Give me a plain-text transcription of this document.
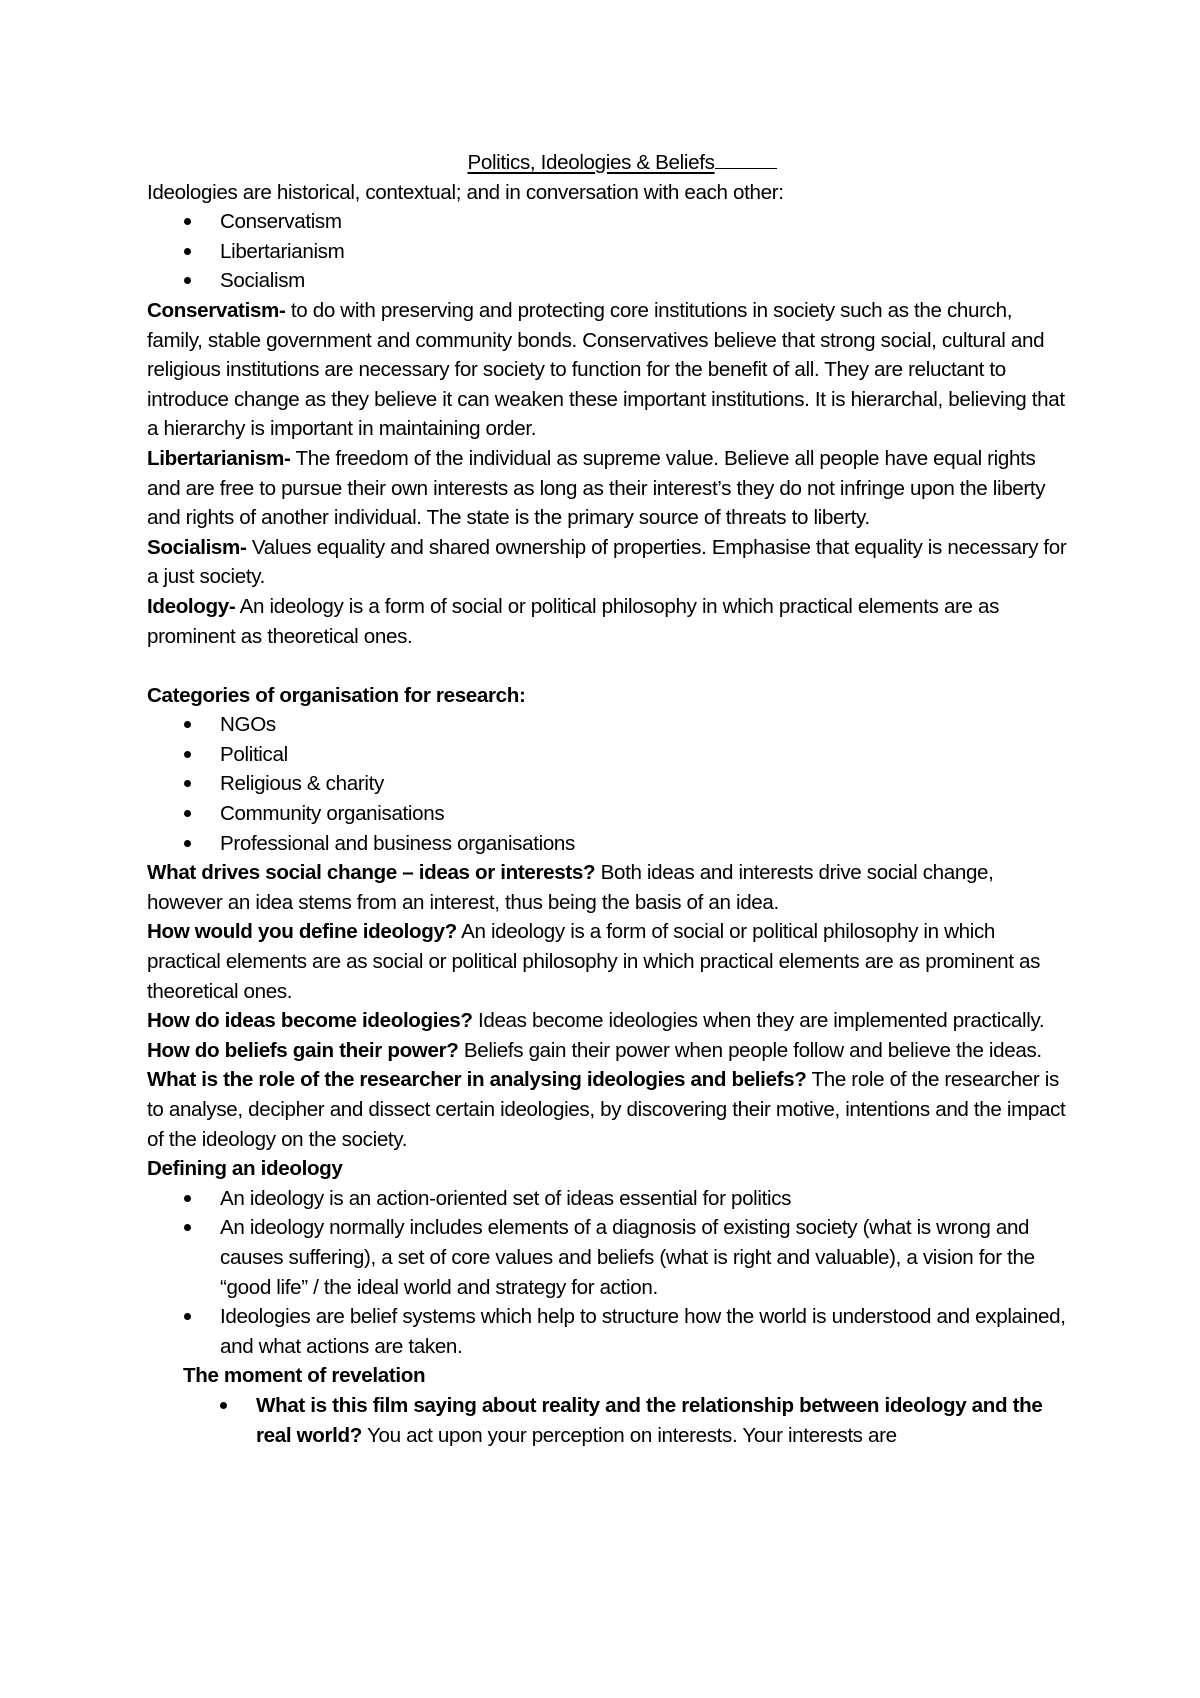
Politics, Ideologies & Beliefs

Ideologies are historical, contextual; and in conversation with each other:

Conservatism
Libertarianism
Socialism

Conservatism- to do with preserving and protecting core institutions in society such as the church, family, stable government and community bonds. Conservatives believe that strong social, cultural and religious institutions are necessary for society to function for the benefit of all. They are reluctant to introduce change as they believe it can weaken these important institutions. It is hierarchal, believing that a hierarchy is important in maintaining order.

Libertarianism- The freedom of the individual as supreme value. Believe all people have equal rights and are free to pursue their own interests as long as their interest’s they do not infringe upon the liberty and rights of another individual. The state is the primary source of threats to liberty.

Socialism- Values equality and shared ownership of properties. Emphasise that equality is necessary for a just society.

Ideology- An ideology is a form of social or political philosophy in which practical elements are as prominent as theoretical ones.

Categories of organisation for research:

NGOs
Political
Religious & charity
Community organisations
Professional and business organisations

What drives social change – ideas or interests? Both ideas and interests drive social change, however an idea stems from an interest, thus being the basis of an idea.

How would you define ideology? An ideology is a form of social or political philosophy in which practical elements are as social or political philosophy in which practical elements are as prominent as theoretical ones.

How do ideas become ideologies? Ideas become ideologies when they are implemented practically.

How do beliefs gain their power? Beliefs gain their power when people follow and believe the ideas.

What is the role of the researcher in analysing ideologies and beliefs? The role of the researcher is to analyse, decipher and dissect certain ideologies, by discovering their motive, intentions and the impact of the ideology on the society.

Defining an ideology

An ideology is an action-oriented set of ideas essential for politics
An ideology normally includes elements of a diagnosis of existing society (what is wrong and causes suffering), a set of core values and beliefs (what is right and valuable), a vision for the “good life” / the ideal world and strategy for action.
Ideologies are belief systems which help to structure how the world is understood and explained, and what actions are taken.

The moment of revelation

What is this film saying about reality and the relationship between ideology and the real world? You act upon your perception on interests. Your interests are
